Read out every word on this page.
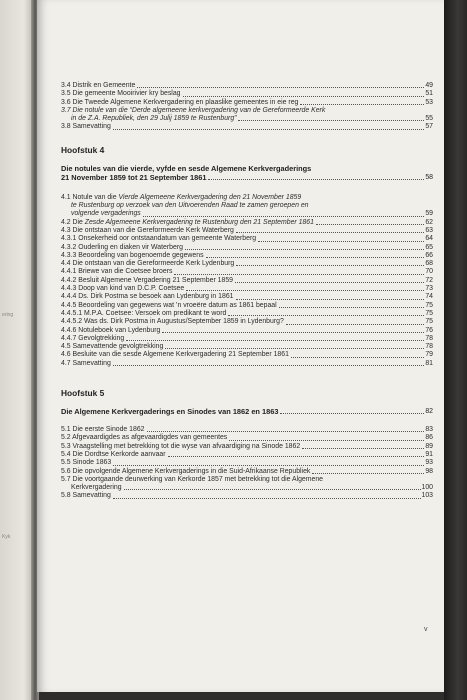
ering
Kyk
3.4 Distrik en Gemeente	49
3.5 Die gemeente Mooirivier kry beslag	51
3.6 Die Tweede Algemene Kerkvergadering en plaaslike gemeentes in eie reg	53
3.7 Die notule van die “Derde algemeene kerkvergadering van de Gereformeerde Kerk
in de Z.A. Republiek, den 29 Julij 1859 te Rustenburg”	55
3.8 Samevatting	57
Hoofstuk 4
Die notules van die vierde, vyfde en sesde Algemene Kerkvergaderings
21 November 1859 tot 21 September 1861	58
4.1 Notule van die Vierde Algemeene Kerkvergadering den 21 November 1859
te Rustenburg op verzoek van den Uitvoerenden Raad te zamen geroepen en
volgende vergaderings	59
4.2 Die Zesde Algemeene Kerkvergadering te Rustenburg den 21 September 1861	62
4.3 Die ontstaan van die Gereformeerde Kerk Waterberg	63
4.3.1 Onsekerheid oor ontstaandatum van gemeente Waterberg	64
4.3.2 Ouderling en diaken vir Waterberg	65
4.3.3 Beoordeling van bogenoemde gegewens	66
4.4 Die ontstaan van die Gereformeerde Kerk Lydenburg	68
4.4.1 Briewe van die Coetsee broers	70
4.4.2 Besluit Algemene Vergadering 21 September 1859	72
4.4.3 Doop van kind van D.C.P. Coetsee	73
4.4.4 Ds. Dirk Postma se besoek aan Lydenburg in 1861	74
4.4.5 Beoordeling van gegewens wat ’n vroeëre datum as 1861 bepaal	75
4.4.5.1 M.P.A. Coetsee: Versoek om predikant te word	75
4.4.5.2 Was ds. Dirk Postma in Augustus/September 1859 in Lydenburg?	75
4.4.6 Notuleboek van Lydenburg	76
4.4.7 Gevolgtrekking	78
4.5 Samevattende gevolgtrekking	78
4.6 Besluite van die sesde Algemene Kerkvergadering 21 September 1861	79
4.7 Samevatting	81
Hoofstuk 5
Die Algemene Kerkvergaderings en Sinodes van 1862 en 1863	82
5.1 Die eerste Sinode 1862	83
5.2 Afgevaardigdes as afgevaardigdes van gemeentes	86
5.3 Vraagstelling met betrekking tot die wyse van afvaardiging na Sinode 1862	89
5.4 Die Dordtse Kerkorde aanvaar	91
5.5 Sinode 1863	93
5.6 Die opvolgende Algemene Kerkvergaderings in die Suid-Afrikaanse Republiek	98
5.7 Die voortgaande deurwerking van Kerkorde 1857 met betrekking tot die Algemene
Kerkvergadering	100
5.8 Samevatting	103
v
